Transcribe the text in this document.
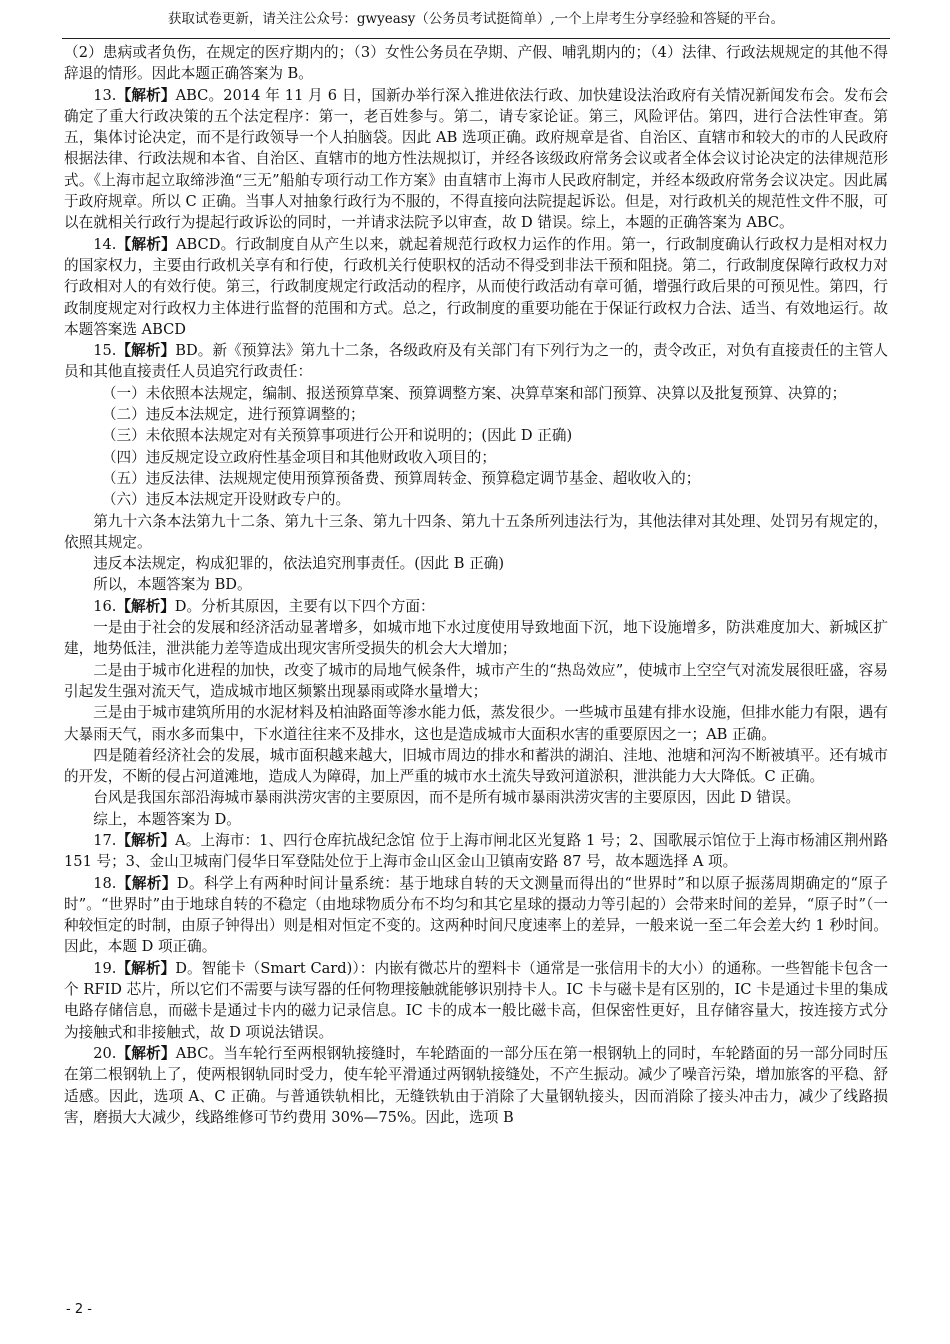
获取试卷更新，请关注公众号：gwyeasy（公务员考试挺简单）,一个上岸考生分享经验和答疑的平台。

（2）患病或者负伤，在规定的医疗期内的；（3）女性公务员在孕期、产假、哺乳期内的；（4）法律、行政法规规定的其他不得辞退的情形。因此本题正确答案为 B。

13.【解析】ABC。2014 年 11 月 6 日，国新办举行深入推进依法行政、加快建设法治政府有关情况新闻发布会。发布会确定了重大行政决策的五个法定程序：第一，老百姓参与。第二，请专家论证。第三，风险评估。第四，进行合法性审查。第五，集体讨论决定，而不是行政领导一个人拍脑袋。因此 AB 选项正确。政府规章是省、自治区、直辖市和较大的市的人民政府根据法律、行政法规和本省、自治区、直辖市的地方性法规拟订，并经各该级政府常务会议或者全体会议讨论决定的法律规范形式。《上海市起立取缔涉渔“三无”船舶专项行动工作方案》由直辖市上海市人民政府制定，并经本级政府常务会议决定。因此属于政府规章。所以 C 正确。当事人对抽象行政行为不服的，不得直接向法院提起诉讼。但是，对行政机关的规范性文件不服，可以在就相关行政行为提起行政诉讼的同时，一并请求法院予以审查，故 D 错误。综上，本题的正确答案为 ABC。

14.【解析】ABCD。行政制度自从产生以来，就起着规范行政权力运作的作用。第一，行政制度确认行政权力是相对权力的国家权力，主要由行政机关享有和行使，行政机关行使职权的活动不得受到非法干预和阻挠。第二，行政制度保障行政权力对行政相对人的有效行使。第三，行政制度规定行政活动的程序，从而使行政活动有章可循，增强行政后果的可预见性。第四，行政制度规定对行政权力主体进行监督的范围和方式。总之，行政制度的重要功能在于保证行政权力合法、适当、有效地运行。故本题答案选 ABCD

15.【解析】BD。新《预算法》第九十二条，各级政府及有关部门有下列行为之一的，责令改正，对负有直接责任的主管人员和其他直接责任人员追究行政责任：

（一）未依照本法规定，编制、报送预算草案、预算调整方案、决算草案和部门预算、决算以及批复预算、决算的；

（二）违反本法规定，进行预算调整的；

（三）未依照本法规定对有关预算事项进行公开和说明的；(因此 D 正确)

（四）违反规定设立政府性基金项目和其他财政收入项目的；

（五）违反法律、法规规定使用预算预备费、预算周转金、预算稳定调节基金、超收收入的；

（六）违反本法规定开设财政专户的。

第九十六条本法第九十二条、第九十三条、第九十四条、第九十五条所列违法行为，其他法律对其处理、处罚另有规定的，依照其规定。

违反本法规定，构成犯罪的，依法追究刑事责任。(因此 B 正确)

所以，本题答案为 BD。

16.【解析】D。分析其原因，主要有以下四个方面：

一是由于社会的发展和经济活动显著增多，如城市地下水过度使用导致地面下沉，地下设施增多，防洪难度加大、新城区扩建，地势低洼，泄洪能力差等造成出现灾害所受损失的机会大大增加；

二是由于城市化进程的加快，改变了城市的局地气候条件，城市产生的“热岛效应”，使城市上空空气对流发展很旺盛，容易引起发生强对流天气，造成城市地区频繁出现暴雨或降水量增大；

三是由于城市建筑所用的水泥材料及柏油路面等渗水能力低，蒸发很少。一些城市虽建有排水设施，但排水能力有限，遇有大暴雨天气，雨水多而集中，下水道往往来不及排水，这也是造成城市大面积水害的重要原因之一；AB 正确。

四是随着经济社会的发展，城市面积越来越大，旧城市周边的排水和蓄洪的湖泊、洼地、池塘和河沟不断被填平。还有城市的开发，不断的侵占河道滩地，造成人为障碍，加上严重的城市水土流失导致河道淤积，泄洪能力大大降低。C 正确。

台风是我国东部沿海城市暴雨洪涝灾害的主要原因，而不是所有城市暴雨洪涝灾害的主要原因，因此 D 错误。

综上，本题答案为 D。

17.【解析】A。上海市：1、四行仓库抗战纪念馆 位于上海市闸北区光复路 1 号；2、国歌展示馆位于上海市杨浦区荆州路 151 号；3、金山卫城南门侵华日军登陆处位于上海市金山区金山卫镇南安路 87 号，故本题选择 A 项。

18.【解析】D。科学上有两种时间计量系统：基于地球自转的天文测量而得出的“世界时”和以原子振荡周期确定的“原子时”。“世界时”由于地球自转的不稳定（由地球物质分布不均匀和其它星球的摄动力等引起的）会带来时间的差异，“原子时”（一种较恒定的时制，由原子钟得出）则是相对恒定不变的。这两种时间尺度速率上的差异，一般来说一至二年会差大约 1 秒时间。因此，本题 D 项正确。

19.【解析】D。智能卡（Smart Card)）：内嵌有微芯片的塑料卡（通常是一张信用卡的大小）的通称。一些智能卡包含一个 RFID 芯片，所以它们不需要与读写器的任何物理接触就能够识别持卡人。IC 卡与磁卡是有区别的，IC 卡是通过卡里的集成电路存储信息，而磁卡是通过卡内的磁力记录信息。IC 卡的成本一般比磁卡高，但保密性更好，且存储容量大，按连接方式分为接触式和非接触式，故 D 项说法错误。

20.【解析】ABC。当车轮行至两根钢轨接缝时，车轮踏面的一部分压在第一根钢轨上的同时，车轮踏面的另一部分同时压在第二根钢轨上了，使两根钢轨同时受力，使车轮平滑通过两钢轨接缝处，不产生振动。减少了噪音污染，增加旅客的平稳、舒适感。因此，选项 A、C 正确。与普通铁轨相比，无缝铁轨由于消除了大量钢轨接头，因而消除了接头冲击力，减少了线路损害，磨损大大减少，线路维修可节约费用 30%—75%。因此，选项 B

- 2 -
